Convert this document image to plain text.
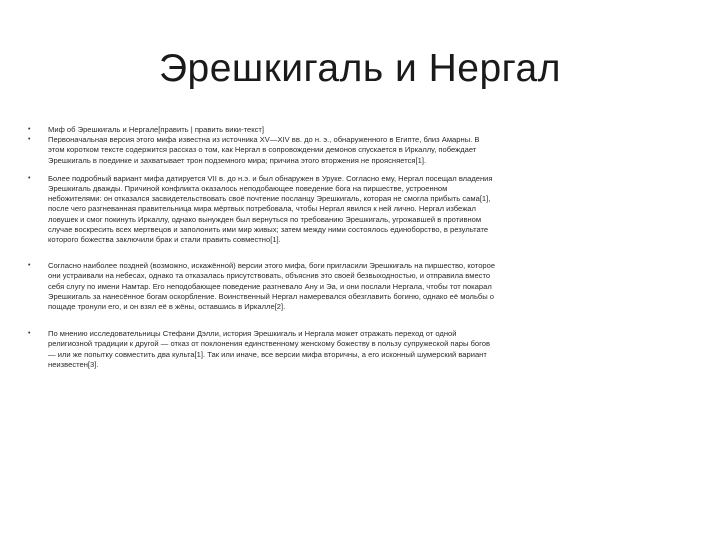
Эрешкигаль и Нергал
• Миф об Эрешкигаль и Нергале[править | править вики-текст]
• Первоначальная версия этого мифа известна из источника XV—XIV вв. до н. э., обнаруженного в Египте, близ Амарны. В этом коротком тексте содержится рассказ о том, как Нергал в сопровождении демонов спускается в Иркаллу, побеждает Эрешкигаль в поединке и захватывает трон подземного мира; причина этого вторжения не проясняется[1].
• Более подробный вариант мифа датируется VII в. до н.э. и был обнаружен в Уруке. Согласно ему, Нергал посещал владения Эрешкигаль дважды. Причиной конфликта оказалось неподобающее поведение бога на пиршестве, устроенном небожителями: он отказался засвидетельствовать своё почтение посланцу Эрешкигаль, которая не смогла прибыть сама[1], после чего разгневанная правительница мира мёртвых потребовала, чтобы Нергал явился к ней лично. Нергал избежал ловушек и смог покинуть Иркаллу, однако вынужден был вернуться по требованию Эрешкигаль, угрожавшей в противном случае воскресить всех мертвецов и заполонить ими мир живых; затем между ними состоялось единоборство, в результате которого божества заключили брак и стали править совместно[1].
• Согласно наиболее поздней (возможно, искажённой) версии этого мифа, боги пригласили Эрешкигаль на пиршество, которое они устраивали на небесах, однако та отказалась присутствовать, объяснив это своей безвыходностью, и отправила вместо себя слугу по имени Намтар. Его неподобающее поведение разгневало Ану и Эа, и они послали Нергала, чтобы тот покарал Эрешкигаль за нанесённое богам оскорбление. Воинственный Нергал намеревался обезглавить богиню, однако её мольбы о пощаде тронули его, и он взял её в жёны, оставшись в Иркалле[2].
• По мнению исследовательницы Стефани Дэлли, история Эрешкигаль и Нергала может отражать переход от одной религиозной традиции к другой — отказ от поклонения единственному женскому божеству в пользу супружеской пары богов — или же попытку совместить два культа[1]. Так или иначе, все версии мифа вторичны, а его исконный шумерский вариант неизвестен[3].
